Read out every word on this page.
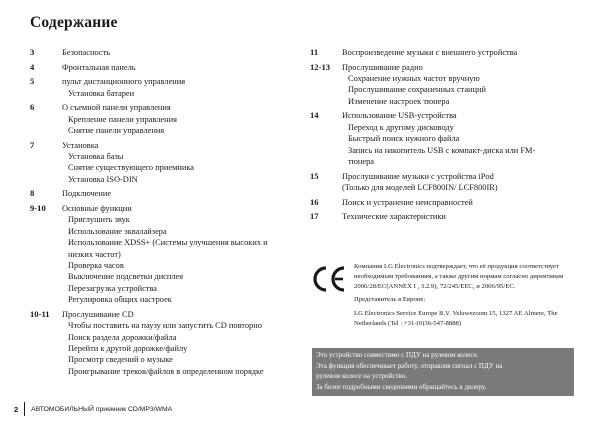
Содержание
3	Безопасность
4	Фронтальная панель
5	пульт дистанционного управления
Установка батареи
6	О съемной панели управления
Крепление панели управления
Снятие панели управления
7	Установка
Установка базы
Снятие существующего приемника
Установка ISO-DIN
8	Подключение
9-10	Основные функции
Приглушить звук
Использование эквалайзера
Использование XDSS+ (Системы улучшения высоких и
низких частот)
Проверка часов
Выключение подсветки дисплея
Перезагрузка устройства
Регулировка общих настроек
10-11	Прослушивание CD
Чтобы поставить на паузу или запустить CD повторно
Поиск раздела дорожки/файла
Перейти к другой дорожке/файлу
Просмотр сведений о музыке
Проигрывание треков/файлов в определенном порядке
11	Воспроизведение музыки с внешнего устройства
12-13	Прослушивание радио
Сохранение нужных частот вручную
Прослушивание сохраненных станций
Изменение настроек тюнера
14	Использование USB-устройства
Переход к другому дисководу
Быстрый поиск нужного файла
Запись на накопитель USB с компакт-диска или FM-
тюнера
15	Прослушивание музыки с устройства iPod
(Только для моделей LCF800IN/ LCF800IR)
16	Поиск и устранение неисправностей
17	Технические характеристики

Компания LG Electronics подтверждает, что её продукция соответствует необходимым требованиям, а также другим нормам согласно директивам 2006/28/EC(ANNEX I , 3.2.9), 72/245/EEC, и 2006/95/EC.

Представитель в Европе:

LG Electronics Service Europe B.V. Veluwezoom 15, 1327 AE Almere, The Netherlands (Tel : +31-(0)36-547-8888)

Это устройство совместимо с ПДУ на рулевом колесе.
Эта функция обеспечивает работу, отправляя сигнал с ПДУ на
рулевом колесе на устройство.
За более подробными сведениями обращайтесь к дилеру.
2 АВТОМОБИЛЬНЫЙ приемник CD/MP3/WMA
